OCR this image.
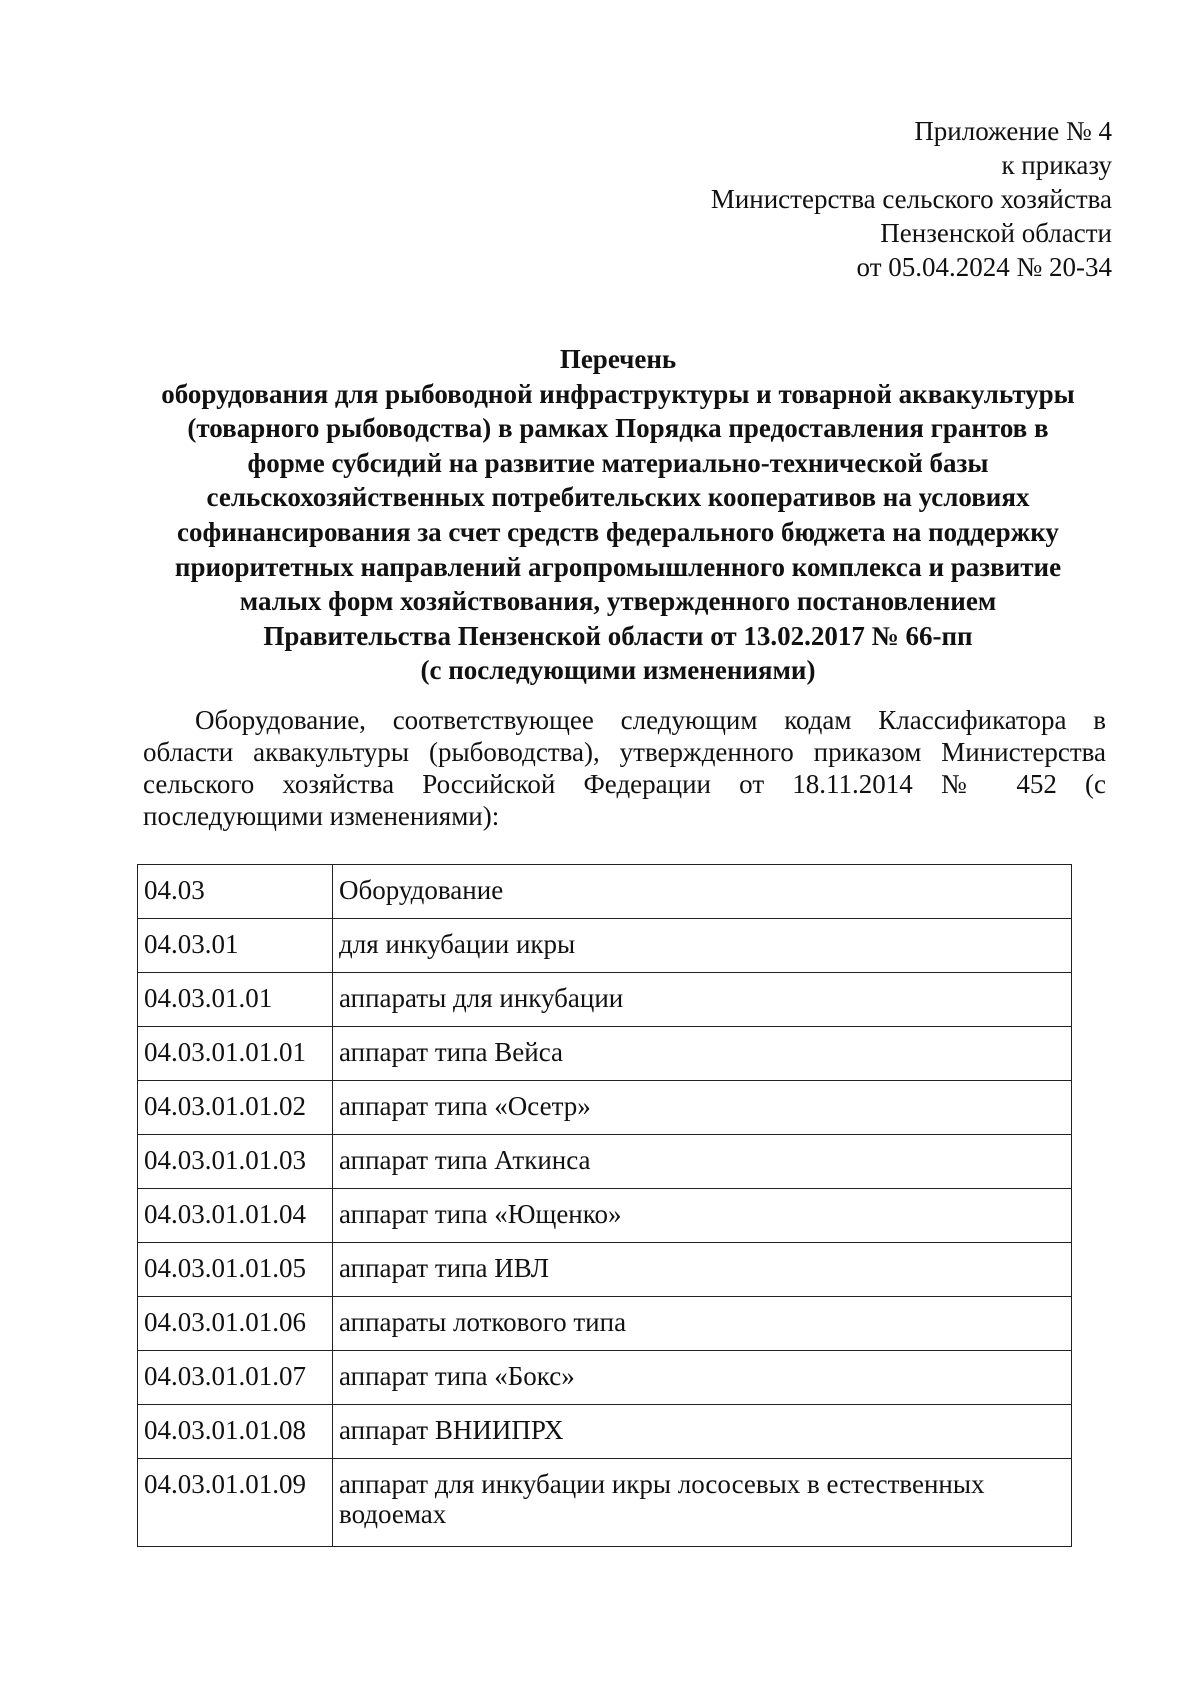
Приложение № 4
к приказу
Министерства сельского хозяйства
Пензенской области
от 05.04.2024 № 20-34
Перечень
оборудования для рыбоводной инфраструктуры и товарной аквакультуры
(товарного рыбоводства) в рамках Порядка предоставления грантов в
форме субсидий на развитие материально-технической базы
сельскохозяйственных потребительских кооперативов на условиях
софинансирования за счет средств федерального бюджета на поддержку
приоритетных направлений агропромышленного комплекса и развитие
малых форм хозяйствования, утвержденного постановлением
Правительства Пензенской области от 13.02.2017 № 66-пп
(с последующими изменениями)
Оборудование, соответствующее следующим кодам Классификатора в
области аквакультуры (рыбоводства), утвержденного приказом Министерства
сельского хозяйства Российской Федерации от 18.11.2014 № 452 (с
последующими изменениями):
04.03	Оборудование
04.03.01	для инкубации икры
04.03.01.01	аппараты для инкубации
04.03.01.01.01	аппарат типа Вейса
04.03.01.01.02	аппарат типа «Осетр»
04.03.01.01.03	аппарат типа Аткинса
04.03.01.01.04	аппарат типа «Ющенко»
04.03.01.01.05	аппарат типа ИВЛ
04.03.01.01.06	аппараты лоткового типа
04.03.01.01.07	аппарат типа «Бокс»
04.03.01.01.08	аппарат ВНИИПРХ
04.03.01.01.09	аппарат для инкубации икры лососевых в естественных водоемах
